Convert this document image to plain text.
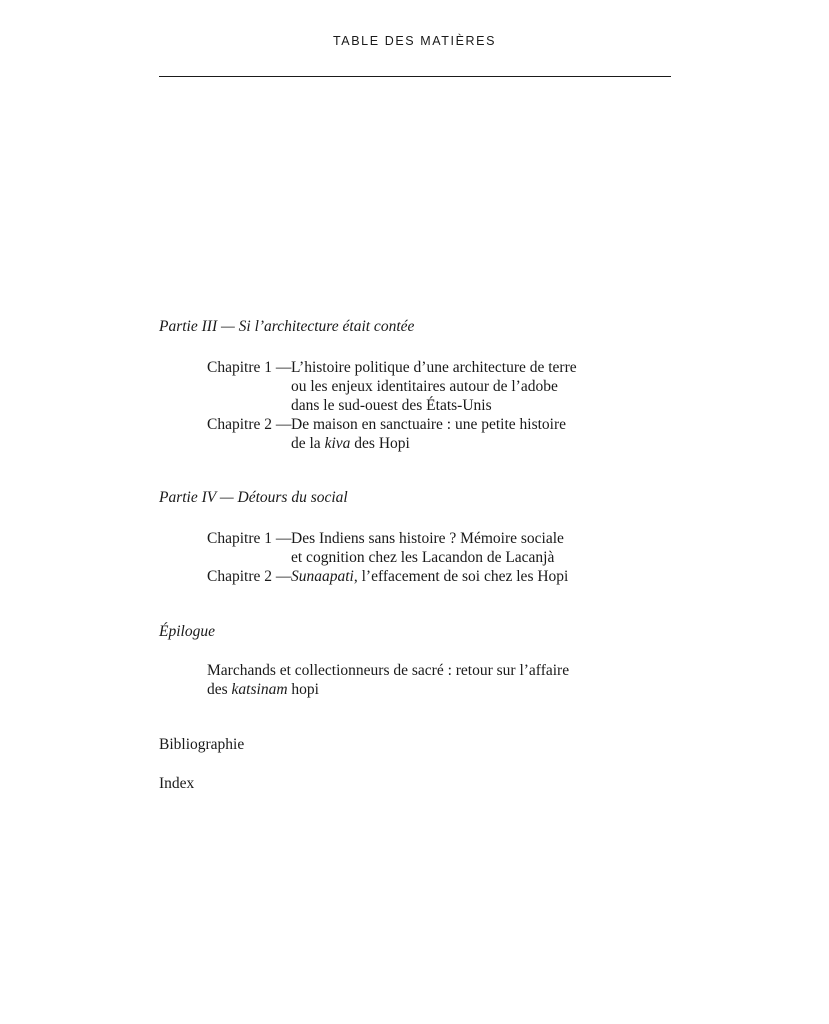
TABLE DES MATIÈRES
Partie III — Si l’architecture était contée
Chapitre 1 —L’histoire politique d’une architecture de terre
ou les enjeux identitaires autour de l’adobe
dans le sud-ouest des États-Unis
Chapitre 2 —De maison en sanctuaire : une petite histoire
de la kiva des Hopi
Partie IV — Détours du social
Chapitre 1 —Des Indiens sans histoire ? Mémoire sociale
et cognition chez les Lacandon de Lacanjà
Chapitre 2 —Sunaapati, l’effacement de soi chez les Hopi
Épilogue
Marchands et collectionneurs de sacré : retour sur l’affaire
des katsinam hopi
Bibliographie
Index
